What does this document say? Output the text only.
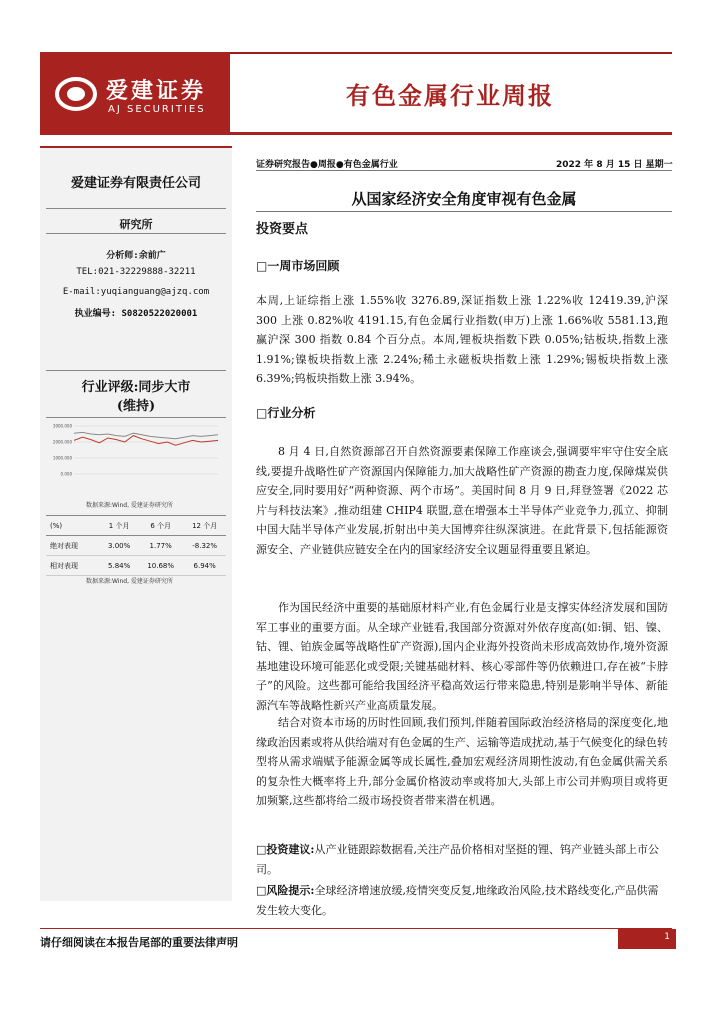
爱建证券
AJ SECURITIES	有色金属行业周报
爱建证券有限责任公司
研究所
分析师:余前广
TEL:021-32229888-32211
E-mail:yuqianguang@ajzq.com
执业编号: S0820522020001
行业评级:同步大市
(维持)
3000.000
2000.000
1000.000
0.000
数据来源:Wind, 爱建证券研究所
(%)	1 个月	6 个月	12 个月
绝对表现	3.00%	1.77%	-8.32%
相对表现	5.84%	10.68%	6.94%
数据来源:Wind, 爱建证券研究所
证券研究报告●周报●有色金属行业	2022 年 8 月 15 日 星期一
从国家经济安全角度审视有色金属
投资要点
□一周市场回顾
本周,上证综指上涨 1.55%收 3276.89,深证指数上涨 1.22%收 12419.39,沪深 300 上涨 0.82%收 4191.15,有色金属行业指数(申万)上涨 1.66%收 5581.13,跑赢沪深 300 指数 0.84 个百分点。本周,锂板块指数下跌 0.05%;钴板块,指数上涨 1.91%;镍板块指数上涨 2.24%;稀土永磁板块指数上涨 1.29%;锡板块指数上涨 6.39%;钨板块指数上涨 3.94%。
□行业分析
8 月 4 日,自然资源部召开自然资源要素保障工作座谈会,强调要牢牢守住安全底线,要提升战略性矿产资源国内保障能力,加大战略性矿产资源的勘查力度,保障煤炭供应安全,同时要用好“两种资源、两个市场”。美国时间 8 月 9 日,拜登签署《2022 芯片与科技法案》,推动组建 CHIP4 联盟,意在增强本土半导体产业竞争力,孤立、抑制中国大陆半导体产业发展,折射出中美大国博弈往纵深演进。在此背景下,包括能源资源安全、产业链供应链安全在内的国家经济安全议题显得重要且紧迫。
作为国民经济中重要的基础原材料产业,有色金属行业是支撑实体经济发展和国防军工事业的重要方面。从全球产业链看,我国部分资源对外依存度高(如:铜、铝、镍、钴、锂、铂族金属等战略性矿产资源),国内企业海外投资尚未形成高效协作,境外资源基地建设环境可能恶化或受限;关键基础材料、核心零部件等仍依赖进口,存在被“卡脖子”的风险。这些都可能给我国经济平稳高效运行带来隐患,特别是影响半导体、新能源汽车等战略性新兴产业高质量发展。
结合对资本市场的历时性回顾,我们预判,伴随着国际政治经济格局的深度变化,地缘政治因素或将从供给端对有色金属的生产、运输等造成扰动,基于气候变化的绿色转型将从需求端赋予能源金属等成长属性,叠加宏观经济周期性波动,有色金属供需关系的复杂性大概率将上升,部分金属价格波动率或将加大,头部上市公司并购项目或将更加频繁,这些都将给二级市场投资者带来潜在机遇。
□投资建议:从产业链跟踪数据看,关注产品价格相对坚挺的锂、钨产业链头部上市公司。
□风险提示:全球经济增速放缓,疫情突变反复,地缘政治风险,技术路线变化,产品供需发生较大变化。
请仔细阅读在本报告尾部的重要法律声明	1
